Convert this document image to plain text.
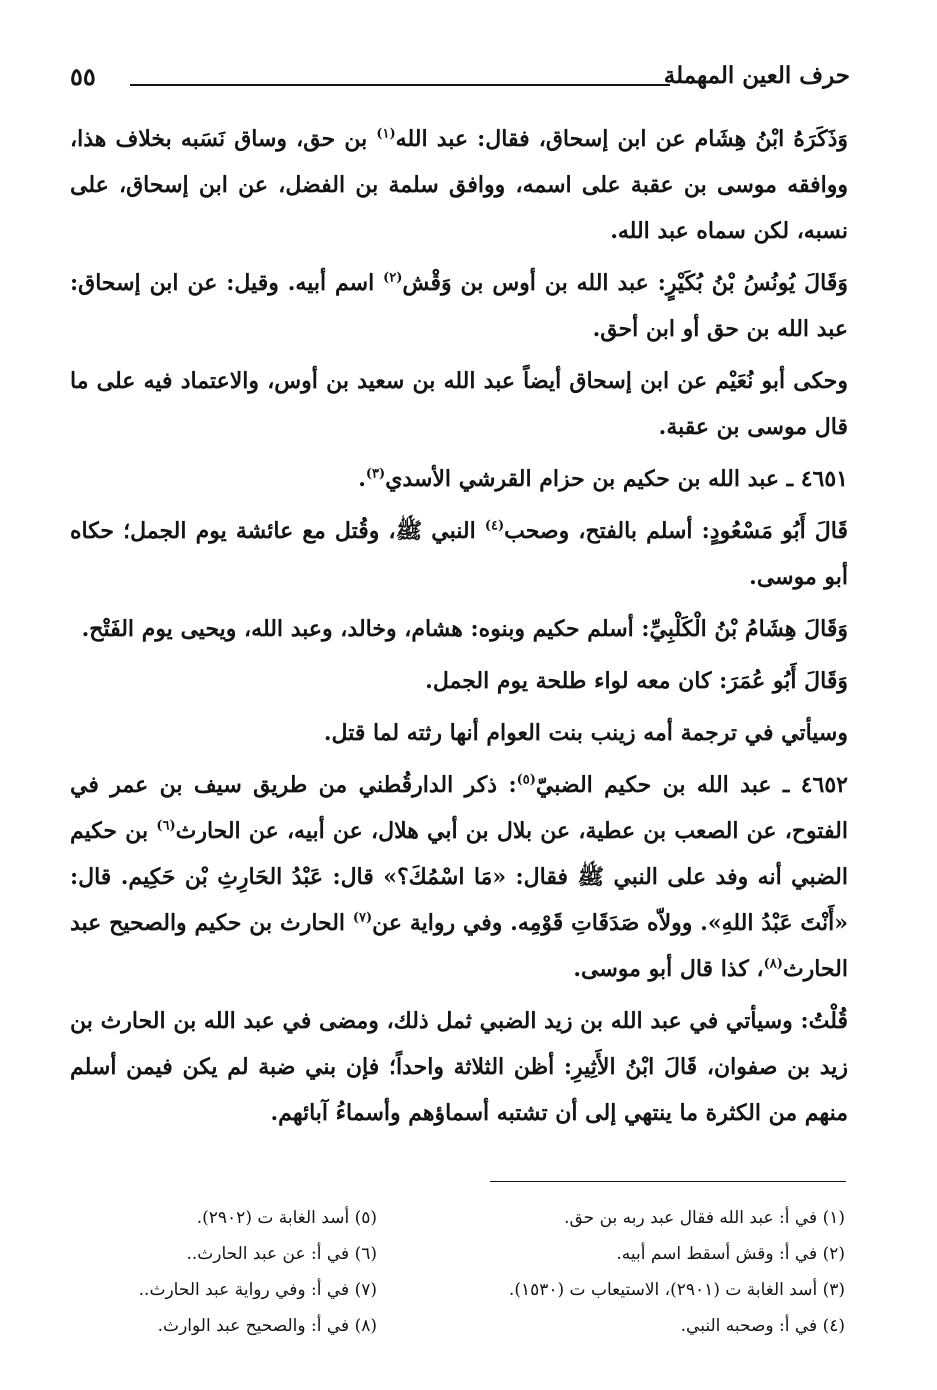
حرف العين المهملة
٥٥

وَذَكَرَهُ ابْنُ هِشَام عن ابن إسحاق، فقال: عبد الله$^{(١)}$ بن حق، وساق نَسَبه بخلاف هذا، ووافقه موسى بن عقبة على اسمه، ووافق سلمة بن الفضل، عن ابن إسحاق، على نسبه، لكن سماه عبد الله.

وَقَالَ يُونُسُ بْنُ بُكَيْرٍ: عبد الله بن أوس بن وَقْش$^{(٢)}$ اسم أبيه. وقيل: عن ابن إسحاق: عبد الله بن حق أو ابن أحق.

وحكى أبو نُعَيْم عن ابن إسحاق أيضاً عبد الله بن سعيد بن أوس، والاعتماد فيه على ما قال موسى بن عقبة.

٤٦٥١ ـ عبد الله بن حكيم بن حزام القرشي الأسدي$^{(٣)}$.

قَالَ أَبُو مَسْعُودٍ: أسلم بالفتح، وصحب$^{(٤)}$ النبي ﷺ، وقُتل مع عائشة يوم الجمل؛ حكاه أبو موسى.

وَقَالَ هِشَامُ بْنُ الْكَلْبِيِّ: أسلم حكيم وبنوه: هشام، وخالد، وعبد الله، ويحيى يوم الفَتْح.

وَقَالَ أَبُو عُمَرَ: كان معه لواء طلحة يوم الجمل.

وسيأتي في ترجمة أمه زينب بنت العوام أنها رثته لما قتل.

٤٦٥٢ ـ عبد الله بن حكيم الضبيّ$^{(٥)}$: ذكر الدارقُطني من طريق سيف بن عمر في الفتوح، عن الصعب بن عطية، عن بلال بن أبي هلال، عن أبيه، عن الحارث$^{(٦)}$ بن حكيم الضبي أنه وفد على النبي ﷺ فقال: «مَا اسْمُكَ؟» قال: عَبْدُ الحَارِثِ بْن حَكِيم. قال: «أَنْتَ عَبْدُ اللهِ». وولاّه صَدَقَاتِ قَوْمِه. وفي رواية عن$^{(٧)}$ الحارث بن حكيم والصحيح عبد الحارث$^{(٨)}$، كذا قال أبو موسى.

قُلْتُ: وسيأتي في عبد الله بن زيد الضبي ثمل ذلك، ومضى في عبد الله بن الحارث بن زيد بن صفوان، قَالَ ابْنُ الأَثِيرِ: أظن الثلاثة واحداً؛ فإن بني ضبة لم يكن فيمن أسلم منهم من الكثرة ما ينتهي إلى أن تشتبه أسماؤهم وأسماءُ آبائهم.

(١) في أ: عبد الله فقال عبد ربه بن حق.
(٢) في أ: وقش أسقط اسم أبيه.
(٣) أسد الغابة ت (٢٩٠١)، الاستيعاب ت (١٥٣٠).
(٤) في أ: وصحبه النبي.
(٥) أسد الغابة ت (٢٩٠٢).
(٦) في أ: عن عبد الحارث..
(٧) في أ: وفي رواية عبد الحارث..
(٨) في أ: والصحيح عبد الوارث.
